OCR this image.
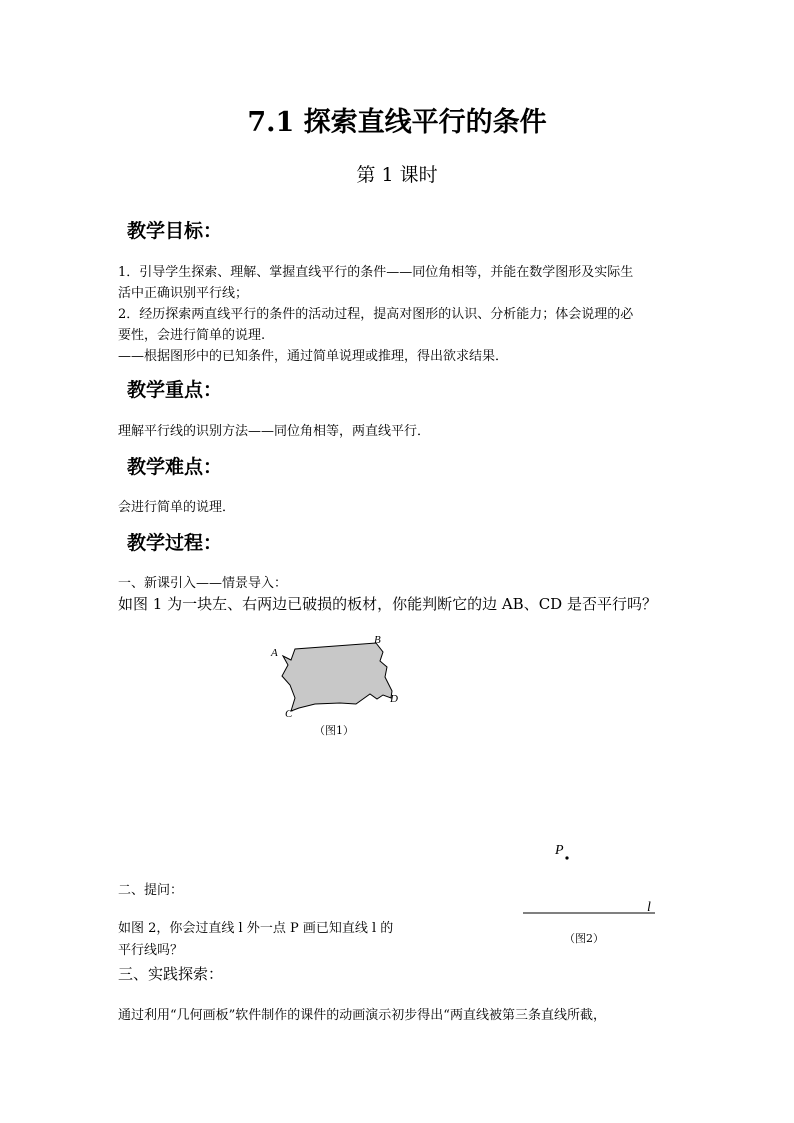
7.1 探索直线平行的条件
第 1 课时
教学目标：
1．引导学生探索、理解、掌握直线平行的条件——同位角相等，并能在数学图形及实际生
活中正确识别平行线；
2．经历探索两直线平行的条件的活动过程，提高对图形的认识、分析能力；体会说理的必
要性，会进行简单的说理.
——根据图形中的已知条件，通过简单说理或推理，得出欲求结果．
教学重点：
理解平行线的识别方法——同位角相等，两直线平行．
教学难点：
会进行简单的说理．
教学过程：
一、新课引入——情景导入：
如图 1 为一块左、右两边已破损的板材，你能判断它的边 AB、CD 是否平行吗？
A
B
C
D
（图1）
P
l
（图2）
二、提问：
如图 2，你会过直线 l 外一点 P 画已知直线 l 的
平行线吗？
三、实践探索：
通过利用“几何画板”软件制作的课件的动画演示初步得出“两直线被第三条直线所截，
